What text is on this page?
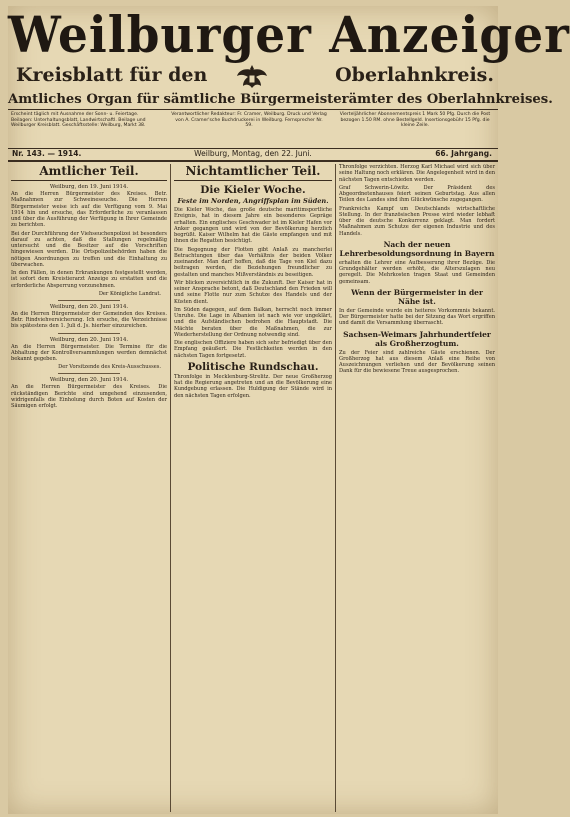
Weilburger Anzeiger
Kreisblatt für den	Oberlahnkreis.
Amtliches Organ für sämtliche Bürgermeisterämter des Oberlahnkreises.
Erscheint täglich mit Ausnahme der Sonn- u. Feiertage. Beilagen: Unterhaltungsblatt, Landwirtschaftl. Beilage und Weilburger Kreisblatt. Geschäftsstelle: Weilburg, Markt 38.
Verantwortlicher Redakteur: Fr. Cramer, Weilburg. Druck und Verlag von A. Cramer'sche Buchdruckerei in Weilburg. Fernsprecher Nr. 59.
Vierteljährlicher Abonnementspreis 1 Mark 50 Pfg. Durch die Post bezogen 1.50 RM. ohne Bestellgeld. Insertionsgebühr 15 Pfg. die kleine Zeile.
Nr. 143. — 1914.	Weilburg, Montag, den 22. Juni.	66. Jahrgang.
Amtlicher Teil.
Weilburg, den 19. Juni 1914.

An die Herren Bürgermeister des Kreises. Betr. Maßnahmen zur Schweineseuche. Die Herren Bürgermeister weise ich auf die Verfügung vom 9. Mai 1914 hin und ersuche, das Erforderliche zu veranlassen und über die Ausführung der Verfügung in Ihrer Gemeinde zu berichten.

Bei der Durchführung der Viehseuchenpolizei ist besonders darauf zu achten, daß die Stallungen regelmäßig untersucht und die Besitzer auf die Vorschriften hingewiesen werden. Die Ortspolizeibehörden haben die nötigen Anordnungen zu treffen und die Einhaltung zu überwachen.

In den Fällen, in denen Erkrankungen festgestellt werden, ist sofort dem Kreistierarzt Anzeige zu erstatten und die erforderliche Absperrung vorzunehmen.

Der Königliche Landrat.
Weilburg, den 20. Juni 1914.

An die Herren Bürgermeister der Gemeinden des Kreises. Betr. Rindviehversicherung. Ich ersuche, die Verzeichnisse bis spätestens den 1. Juli d. Js. hierher einzureichen.

Weilburg, den 20. Juni 1914.

An die Herren Bürgermeister. Die Termine für die Abhaltung der Kontrollversammlungen werden demnächst bekannt gegeben.

Der Vorsitzende des Kreis-Ausschusses.
Weilburg, den 20. Juni 1914.

An die Herren Bürgermeister des Kreises. Die rückständigen Berichte sind umgehend einzusenden, widrigenfalls die Einholung durch Boten auf Kosten der Säumigen erfolgt.

Nichtamtlicher Teil.
Die Kieler Woche.
Feste im Norden, Angriffsplan im Süden.

Die Kieler Woche, das große deutsche maritimsportliche Ereignis, hat in diesem Jahre ein besonderes Gepräge erhalten. Ein englisches Geschwader ist im Kieler Hafen vor Anker gegangen und wird von der Bevölkerung herzlich begrüßt. Kaiser Wilhelm hat die Gäste empfangen und mit ihnen die Regatten besichtigt.

Die Begegnung der Flotten gibt Anlaß zu mancherlei Betrachtungen über das Verhältnis der beiden Völker zueinander. Man darf hoffen, daß die Tage von Kiel dazu beitragen werden, die Beziehungen freundlicher zu gestalten und manches Mißverständnis zu beseitigen.

Wir blicken zuversichtlich in die Zukunft. Der Kaiser hat in seiner Ansprache betont, daß Deutschland den Frieden will und seine Flotte nur zum Schutze des Handels und der Küsten dient.

Im Süden dagegen, auf dem Balkan, herrscht noch immer Unruhe. Die Lage in Albanien ist nach wie vor ungeklärt, und die Aufständischen bedrohen die Hauptstadt. Die Mächte beraten über die Maßnahmen, die zur Wiederherstellung der Ordnung notwendig sind.

Die englischen Offiziere haben sich sehr befriedigt über den Empfang geäußert. Die Festlichkeiten werden in den nächsten Tagen fortgesetzt.

Politische Rundschau.

Thronfolge in Mecklenburg-Strelitz. Der neue Großherzog hat die Regierung angetreten und an die Bevölkerung eine Kundgebung erlassen. Die Huldigung der Stände wird in den nächsten Tagen erfolgen.

Thronfolge verzichten. Herzog Karl Michael wird sich über seine Haltung noch erklären. Die Angelegenheit wird in den nächsten Tagen entschieden werden.

Graf Schwerin-Löwitz. Der Präsident des Abgeordnetenhauses feiert seinen Geburtstag. Aus allen Teilen des Landes sind ihm Glückwünsche zugegangen.

Frankreichs Kampf um Deutschlands wirtschaftliche Stellung. In der französischen Presse wird wieder lebhaft über die deutsche Konkurrenz geklagt. Man fordert Maßnahmen zum Schutze der eigenen Industrie und des Handels.

Nach der neuen Lehrerbesoldungsordnung in Bayern

erhalten die Lehrer eine Aufbesserung ihrer Bezüge. Die Grundgehälter werden erhöht, die Alterszulagen neu geregelt. Die Mehrkosten tragen Staat und Gemeinden gemeinsam.

Wenn der Bürgermeister in der Nähe ist.

In der Gemeinde wurde ein heiteres Vorkommnis bekannt. Der Bürgermeister hatte bei der Sitzung das Wort ergriffen und damit die Versammlung überrascht.

Sachsen-Weimars Jahrhundertfeier als Großherzogtum.

Zu der Feier sind zahlreiche Gäste erschienen. Der Großherzog hat aus diesem Anlaß eine Reihe von Auszeichnungen verliehen und der Bevölkerung seinen Dank für die bewiesene Treue ausgesprochen.
